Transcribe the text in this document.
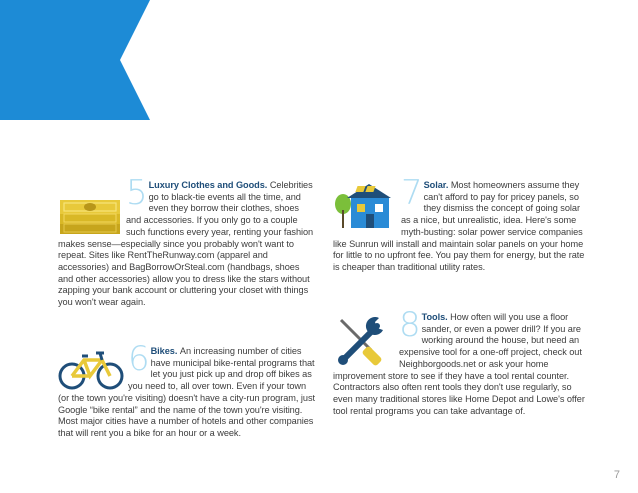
5 Luxury Clothes and Goods. Celebrities go to black-tie events all the time, and even they borrow their clothes, shoes and accessories. If you only go to a couple such functions every year, renting your fashion makes sense—especially since you probably won't want to repeat. Sites like RentTheRunway.com (apparel and accessories) and BagBorrowOrSteal.com (handbags, shoes and other accessories) allow you to dress like the stars without zapping your bank account or cluttering your closet with things you won't wear again.
6 Bikes. An increasing number of cities have municipal bike-rental programs that let you just pick up and drop off bikes as you need to, all over town. Even if your town (or the town you're visiting) doesn't have a city-run program, just Google “bike rental” and the name of the town you're visiting. Most major cities have a number of hotels and other companies that will rent you a bike for an hour or a week.
7 Solar. Most homeowners assume they can't afford to pay for pricey panels, so they dismiss the concept of going solar as a nice, but unrealistic, idea. Here's some myth-busting: solar power service companies like Sunrun will install and maintain solar panels on your home for little to no upfront fee. You pay them for energy, but the rate is cheaper than traditional utility rates.
8 Tools. How often will you use a floor sander, or even a power drill? If you are working around the house, but need an expensive tool for a one-off project, check out Neighborgoods.net or ask your home improvement store to see if they have a tool rental counter. Contractors also often rent tools they don't use regularly, so even many traditional stores like Home Depot and Lowe's offer tool rental programs you can take advantage of.
7
